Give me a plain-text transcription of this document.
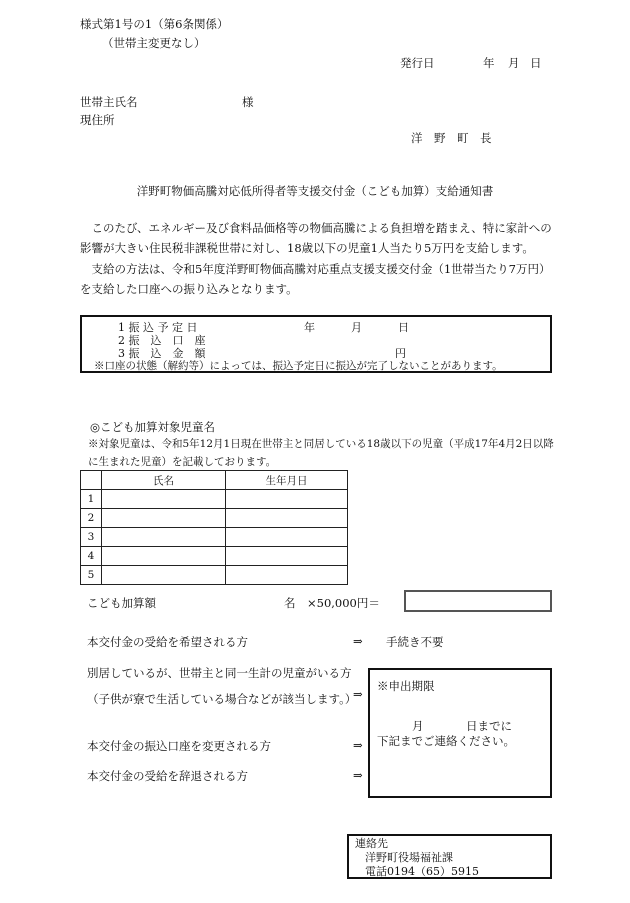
様式第1号の1（第6条関係）
（世帯主変更なし）
発行日	年 月 日
世帯主氏名	様
現住所
洋　野　町　長
洋野町物価高騰対応低所得者等支援交付金（こども加算）支給通知書
このたび、エネルギー及び食料品価格等の物価高騰による負担増を踏まえ、特に家計への影響が大きい住民税非課税世帯に対し、18歳以下の児童1人当たり5万円を支給します。
支給の方法は、令和5年度洋野町物価高騰対応重点支援支援交付金（1世帯当たり7万円）を支給した口座への振り込みとなります。
1 振 込 予 定 日	年	月	日
2 振　込　口　座
3 振　込　金　額	円
※口座の状態（解約等）によっては、振込予定日に振込が完了しないことがあります。
◎こども加算対象児童名
※対象児童は、令和5年12月1日現在世帯主と同居している18歳以下の児童（平成17年4月2日以降に生まれた児童）を記載しております。
	氏名	生年月日
1		
2		
3		
4		
5		
こども加算額	名　×50,000円＝
本交付金の受給を希望される方	⇒ 手続き不要
別居しているが、世帯主と同一生計の児童がいる方
（子供が寮で生活している場合などが該当します。）
⇒
本交付金の振込口座を変更される方	⇒
本交付金の受給を辞退される方	⇒
※申出期限
月	日までに
下記までご連絡ください。
連絡先
洋野町役場福祉課
電話0194（65）5915
